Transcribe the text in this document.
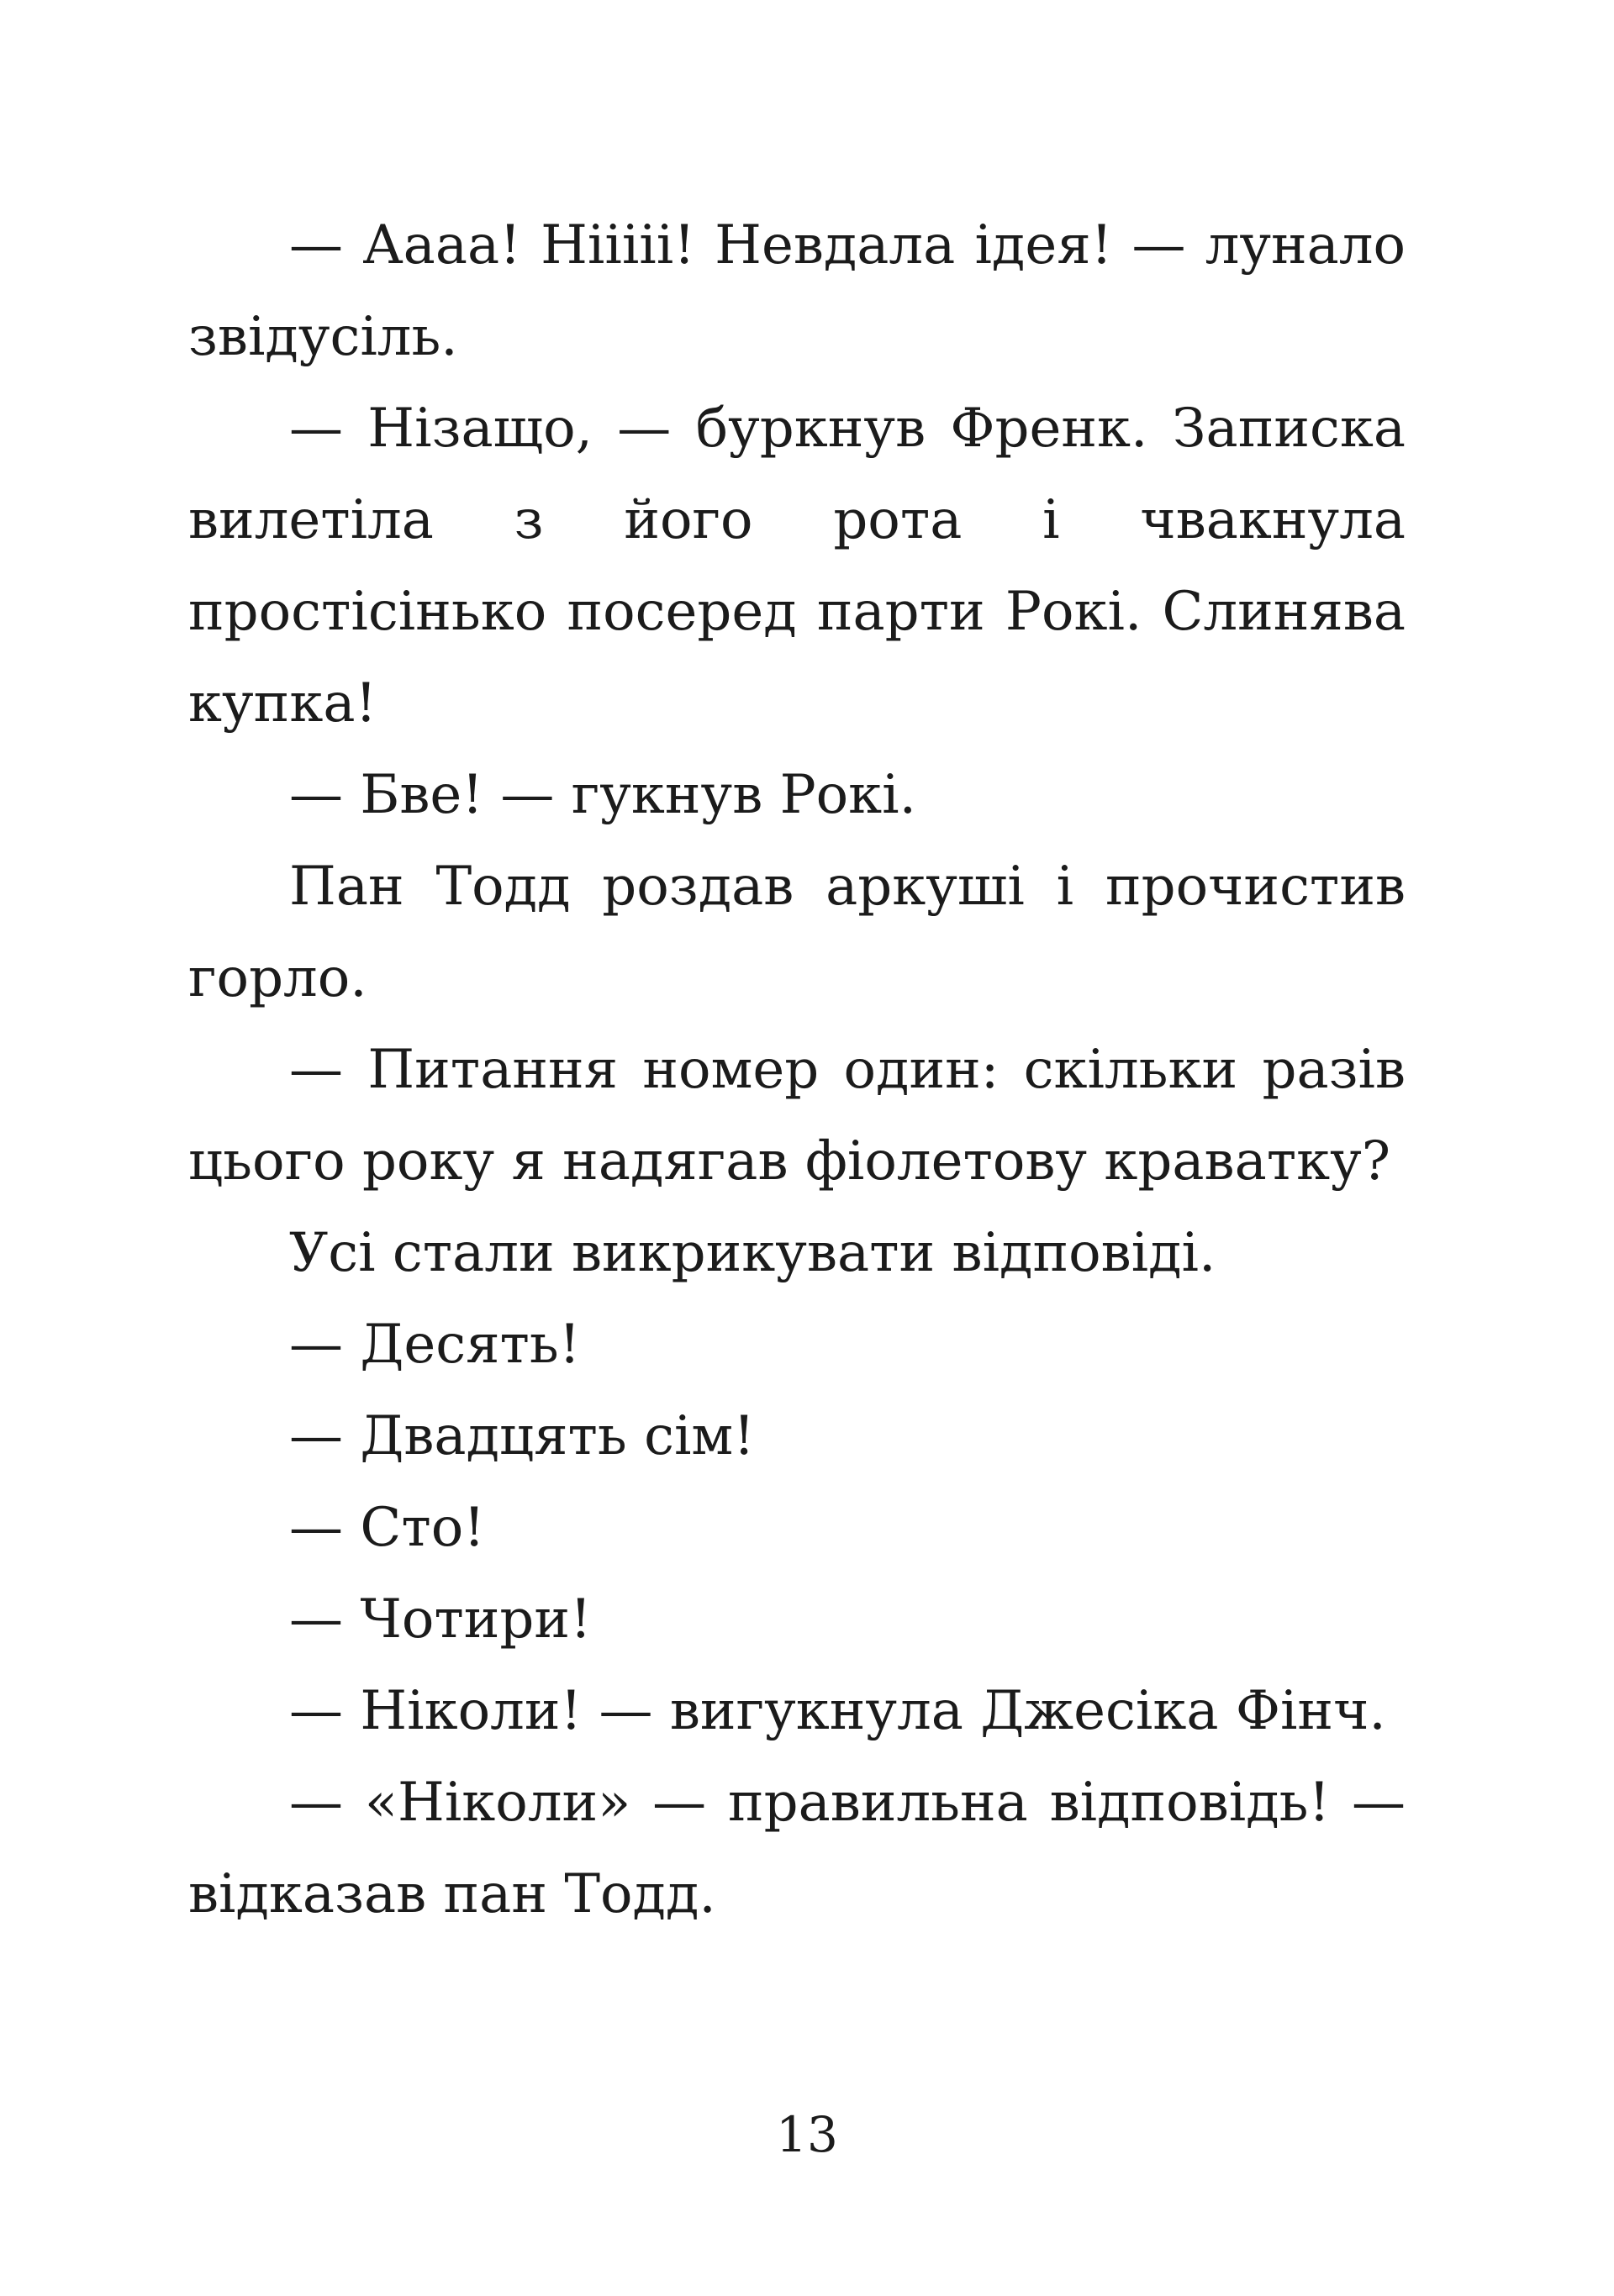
— Аааа! Нііііі! Невдала ідея! — лунало звідусіль.

— Нізащо, — буркнув Френк. Записка вилетіла з його рота і чвакнула простісінько посеред парти Рокі. Слинява купка!

— Бве! — гукнув Рокі.

Пан Тодд роздав аркуші і прочистив горло.

— Питання номер один: скільки разів цього року я надягав фіолетову краватку?

Усі стали викрикувати відповіді.

— Десять!

— Двадцять сім!

— Сто!

— Чотири!

— Ніколи! — вигукнула Джесіка Фінч.

— «Ніколи» — правильна відповідь! — відказав пан Тодд.

13
